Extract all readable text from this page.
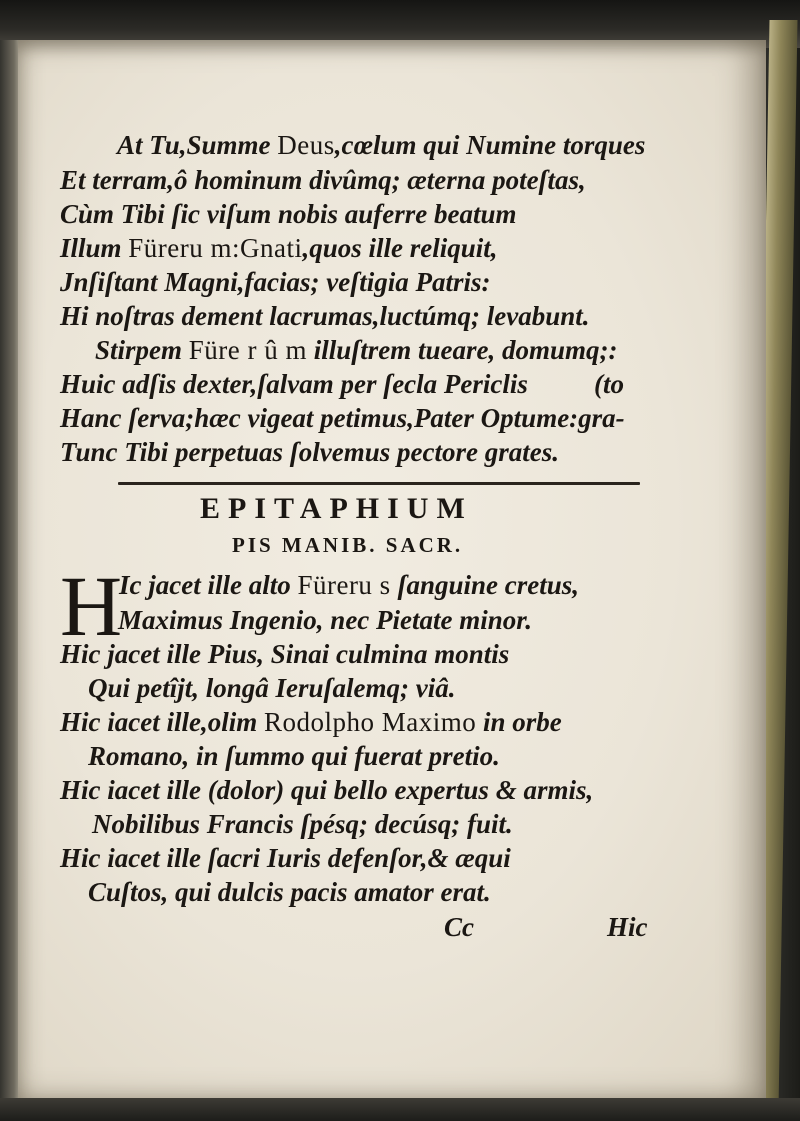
At Tu,Summe Deus,cœlum qui Numine torques
Et terram,ô hominum divûmq; æterna poteſtas,
Cùm Tibi ſic viſum nobis auferre beatum
Illum Füreru m:Gnati,quos ille reliquit,
Jnſiſtant Magni,facias; veſtigia Patris:
Hi noſtras dement lacrumas,luctúmq; levabunt.
Stirpem Füre r û m illuſtrem tueare, domumq;:
Huic adſis dexter,ſalvam per ſecla Periclis (to
Hanc ſerva;hæc vigeat petimus,Pater Optume:gra-
Tunc Tibi perpetuas ſolvemus pectore grates.
EPITAPHIUM
PIS MANIB. SACR.
H
Ic jacet ille alto Füreru s ſanguine cretus,
Maximus Ingenio, nec Pietate minor.
Hic jacet ille Pius, Sinai culmina montis
Qui petîjt, longâ Ieruſalemq; viâ.
Hic iacet ille,olim Rodolpho Maximo in orbe
Romano, in ſummo qui fuerat pretio.
Hic iacet ille (dolor) qui bello expertus & armis,
Nobilibus Francis ſpésq; decúsq; fuit.
Hic iacet ille ſacri Iuris defenſor,& æqui
Cuſtos, qui dulcis pacis amator erat.
Cc	Hic
